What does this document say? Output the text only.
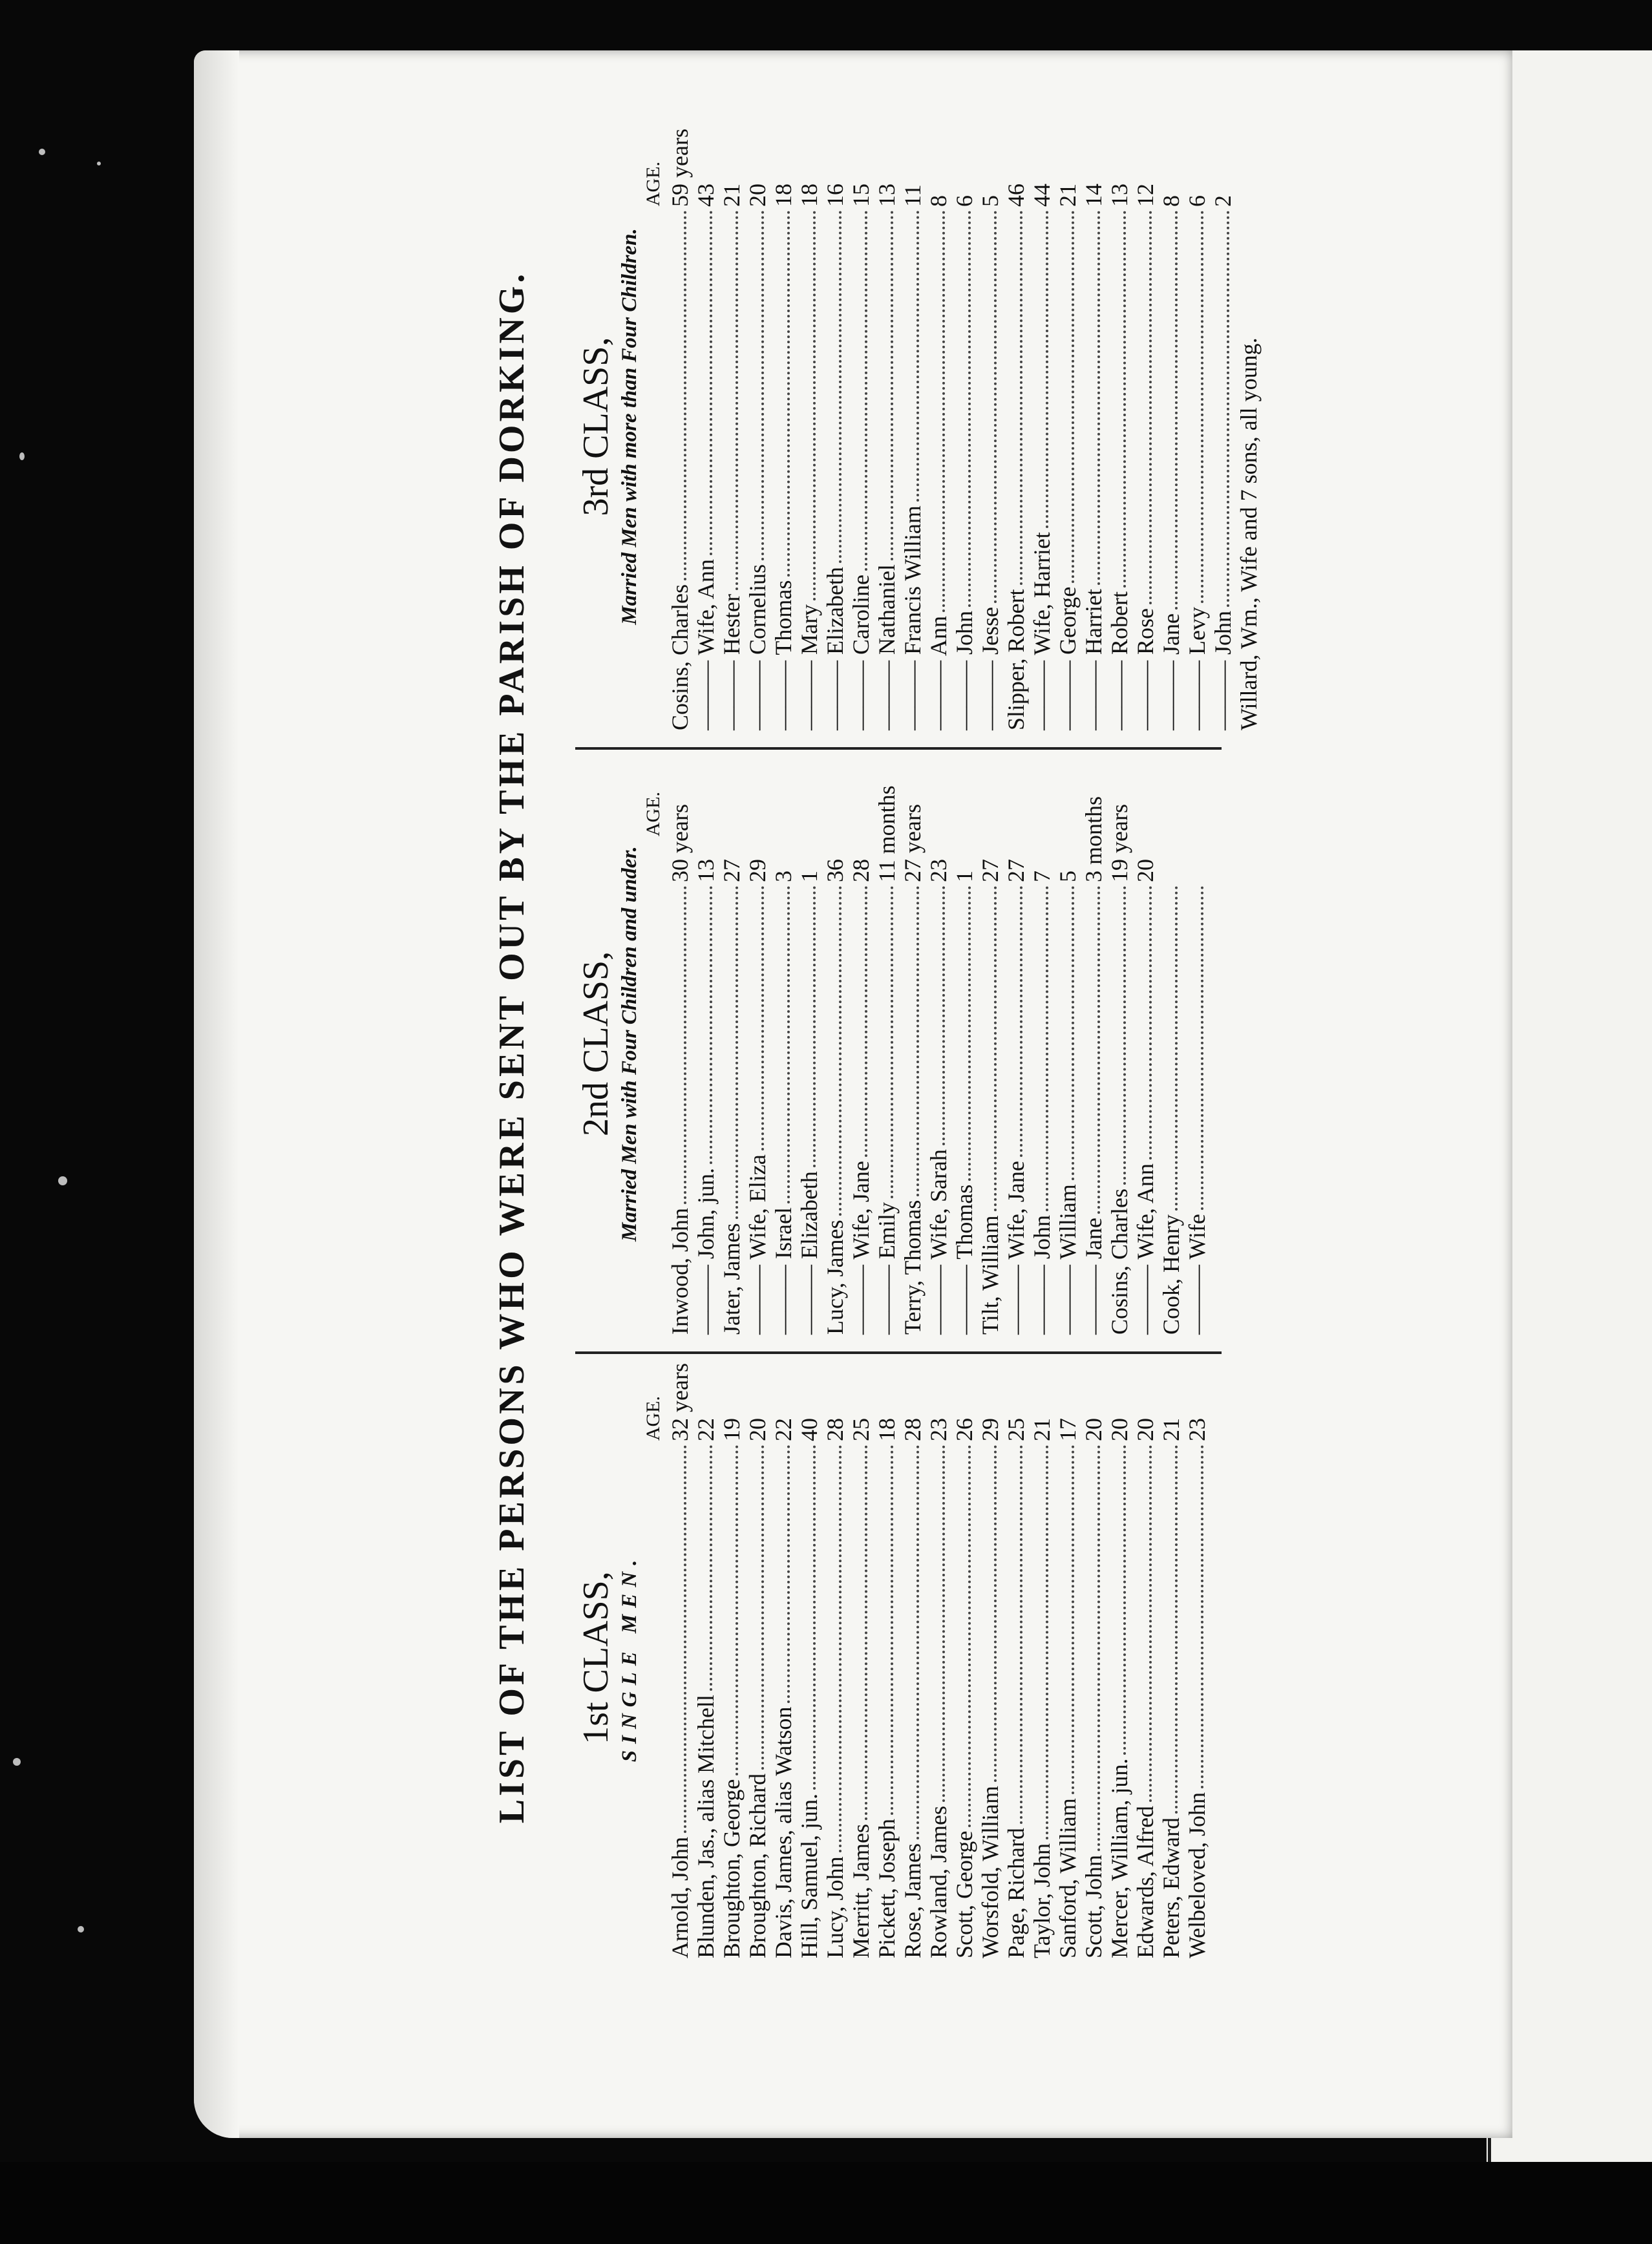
LIST OF THE PERSONS WHO WERE SENT OUT BY THE PARISH OF DORKING. 1st CLASS, SINGLE MEN.
AGE.
Arnold, John
32 years
Blunden, Jas., alias Mitchell
22
Broughton, George
19
Broughton, Richard
20
Davis, James, alias Watson
22
Hill, Samuel, jun.
40
Lucy, John
28
Merritt, James
25
Pickett, Joseph
18
Rose, James
28
Rowland, James
23
Scott, George
26
Worsfold, William
29
Page, Richard
25
Taylor, John
21
Sanford, William
17
Scott, John
20
Mercer, William, jun.
20
Edwards, Alfred
20
Peters, Edward
21
Welbeloved, John
23
2nd CLASS, Married Men with Four Children and under.
AGE.
Inwood, John
30 years
——— John, jun.
13
Jater, James
27
——— Wife, Eliza
29
——— Israel
3
——— Elizabeth
1
Lucy, James
36
——— Wife, Jane
28
——— Emily
11 months
Terry, Thomas
27 years
——— Wife, Sarah
23
——— Thomas
1
Tilt, William
27
——— Wife, Jane
27
——— John
7
——— William
5
——— Jane
3 months
Cosins, Charles
19 years
——— Wife, Ann
20
Cook, Henry ——— Wife
3rd CLASS, Married Men with more than Four Children.
AGE.
Cosins, Charles
59 years
——— Wife, Ann
43
——— Hester
21
——— Cornelius
20
——— Thomas
18
——— Mary
18
——— Elizabeth
16
——— Caroline
15
——— Nathaniel
13
——— Francis William
11
——— Ann
8
——— John
6
——— Jesse
5
Slipper, Robert
46
——— Wife, Harriet
44
——— George
21
——— Harriet
14
——— Robert
13
——— Rose
12
——— Jane
8
——— Levy
6
——— John
2
Willard, Wm., Wife and 7 sons, all young.
